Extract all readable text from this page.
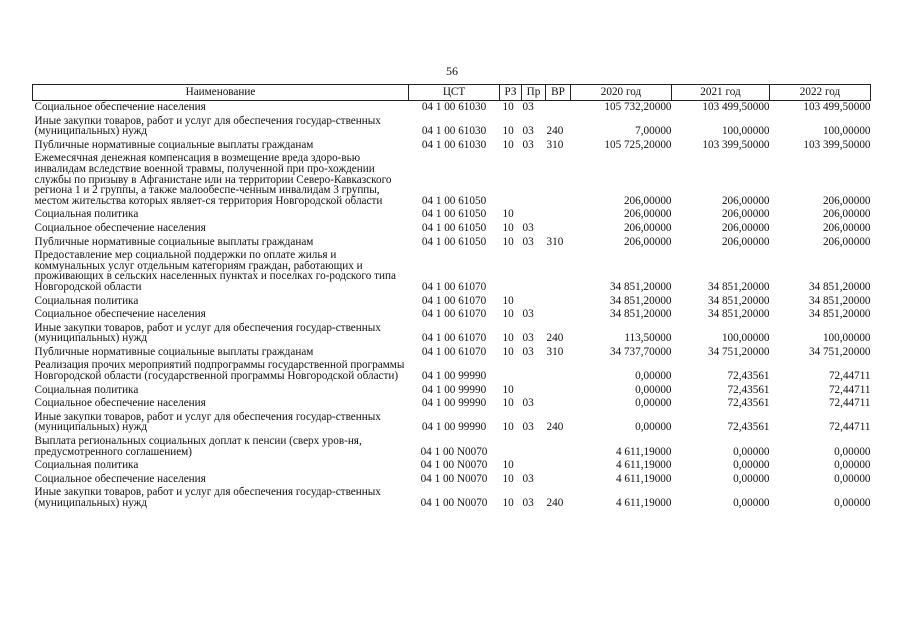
56
Наименование	ЦСТ	РЗ	Пр	ВР	2020 год	2021 год	2022 год
Социальное обеспечение населения	04 1 00 61030	10	03		105 732,20000	103 499,50000	103 499,50000
Иные закупки товаров, работ и услуг для обеспечения государ-ственных (муниципальных) нужд	04 1 00 61030	10	03	240	7,00000	100,00000	100,00000
Публичные нормативные социальные выплаты гражданам	04 1 00 61030	10	03	310	105 725,20000	103 399,50000	103 399,50000
Ежемесячная денежная компенсация в возмещение вреда здоро-вью инвалидам вследствие военной травмы, полученной при про-хождении службы по призыву в Афганистане или на территории Северо-Кавказского региона 1 и 2 группы, а также малообеспе-ченным инвалидам 3 группы, местом жительства которых являет-ся территория Новгородской области	04 1 00 61050				206,00000	206,00000	206,00000
Социальная политика	04 1 00 61050	10			206,00000	206,00000	206,00000
Социальное обеспечение населения	04 1 00 61050	10	03		206,00000	206,00000	206,00000
Публичные нормативные социальные выплаты гражданам	04 1 00 61050	10	03	310	206,00000	206,00000	206,00000
Предоставление мер социальной поддержки по оплате жилья и коммунальных услуг отдельным категориям граждан, работающих и проживающих в сельских населенных пунктах и поселках го-родского типа Новгородской области	04 1 00 61070				34 851,20000	34 851,20000	34 851,20000
Социальная политика	04 1 00 61070	10			34 851,20000	34 851,20000	34 851,20000
Социальное обеспечение населения	04 1 00 61070	10	03		34 851,20000	34 851,20000	34 851,20000
Иные закупки товаров, работ и услуг для обеспечения государ-ственных (муниципальных) нужд	04 1 00 61070	10	03	240	113,50000	100,00000	100,00000
Публичные нормативные социальные выплаты гражданам	04 1 00 61070	10	03	310	34 737,70000	34 751,20000	34 751,20000
Реализация прочих мероприятий подпрограммы государственной программы Новгородской области (государственной программы Новгородской области)	04 1 00 99990				0,00000	72,43561	72,44711
Социальная политика	04 1 00 99990	10			0,00000	72,43561	72,44711
Социальное обеспечение населения	04 1 00 99990	10	03		0,00000	72,43561	72,44711
Иные закупки товаров, работ и услуг для обеспечения государ-ственных (муниципальных) нужд	04 1 00 99990	10	03	240	0,00000	72,43561	72,44711
Выплата региональных социальных доплат к пенсии (сверх уров-ня, предусмотренного соглашением)	04 1 00 N0070				4 611,19000	0,00000	0,00000
Социальная политика	04 1 00 N0070	10			4 611,19000	0,00000	0,00000
Социальное обеспечение населения	04 1 00 N0070	10	03		4 611,19000	0,00000	0,00000
Иные закупки товаров, работ и услуг для обеспечения государ-ственных (муниципальных) нужд	04 1 00 N0070	10	03	240	4 611,19000	0,00000	0,00000
